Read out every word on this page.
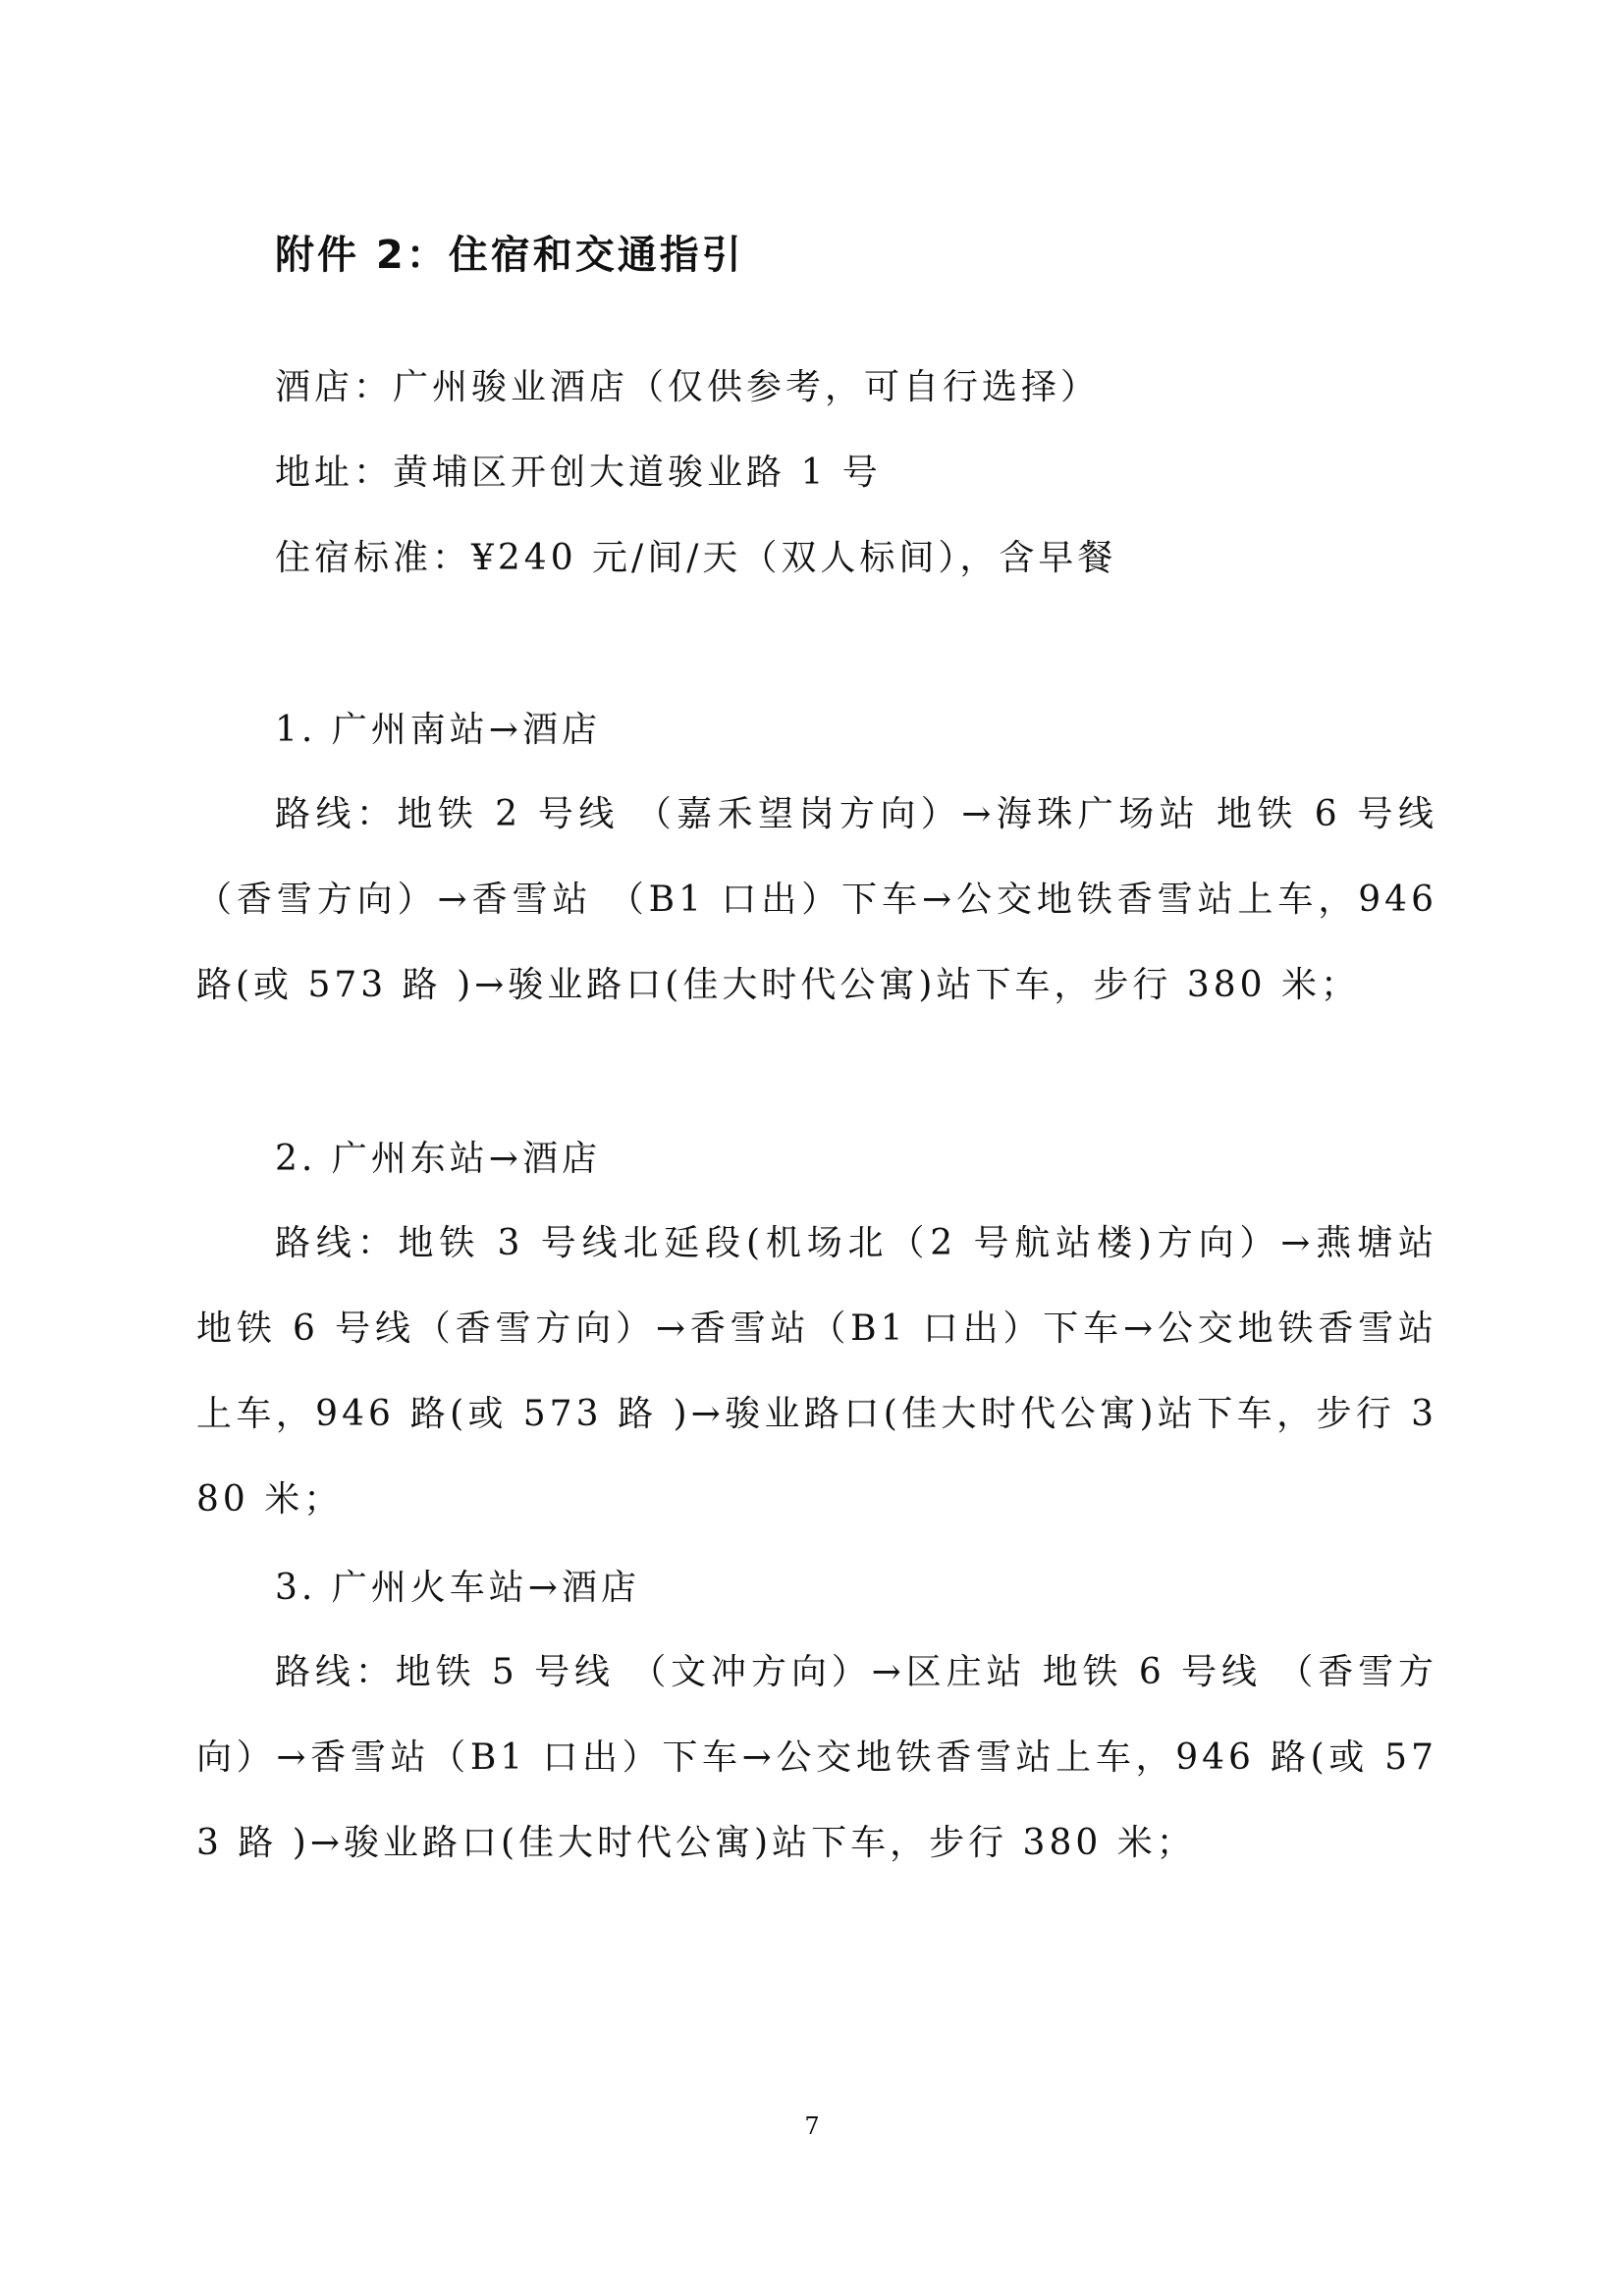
附件 2：住宿和交通指引
酒店：广州骏业酒店（仅供参考，可自行选择）
地址：黄埔区开创大道骏业路 1 号
住宿标准：¥240 元/间/天（双人标间），含早餐
1. 广州南站→酒店
路线：地铁 2 号线 （嘉禾望岗方向）→海珠广场站 地铁 6 号线 （香雪方向）→香雪站 （B1 口出）下车→公交地铁香雪站上车，946 路(或 573 路 )→骏业路口(佳大时代公寓)站下车，步行 380 米；
2. 广州东站→酒店
路线：地铁 3 号线北延段(机场北（2 号航站楼)方向）→燕塘站 地铁 6 号线（香雪方向）→香雪站（B1 口出）下车→公交地铁香雪站上车，946 路(或 573 路 )→骏业路口(佳大时代公寓)站下车，步行 380 米；
3. 广州火车站→酒店
路线：地铁 5 号线 （文冲方向）→区庄站 地铁 6 号线 （香雪方向）→香雪站（B1 口出）下车→公交地铁香雪站上车，946 路(或 573 路 )→骏业路口(佳大时代公寓)站下车，步行 380 米；
7
